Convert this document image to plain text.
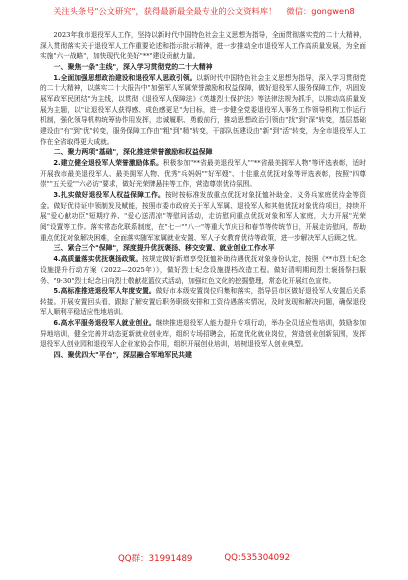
关注头条号"公文研究"，获得最新最全最专业的公文资料库！ 微信：gongwen8

2023年我市退役军人工作，坚持以新时代中国特色社会主义思想为指导，全面贯彻落实党的二十大精神，深入贯彻落实关于退役军人工作重要论述和指示批示精神，进一步推动全市退役军人工作高质量发展，为全面实施"六一战略"，加快现代化美好"**"建设贡献力量。

一、聚焦一条"主线"，深入学习贯彻党的二十大精神

1.全面加强思想政治建设和退役军人思政引领。以新时代中国特色社会主义思想为指导，深入学习贯彻党的二十大精神，以落实二十大报告中"加强军人军属荣誉激励和权益保障，做好退役军人服务保障工作，巩固发展军政军民团结"为主线，以贯彻《退役军人保障法》《英雄烈士保护法》等法律法规为抓手，以推动高质量发展为主题，以"让退役军人获得感、成色感更足"为目标，进一步健全党委退役军人事务工作领导机构工作运行机制，强化领导机构统筹协作用发挥，忠诚履职、勇毅前行，推动思想政治引领由"找"到"深"转变，基层基础建设由"有"到"优"转变，服务保障工作由"粗"到"精"转变，干部队伍建设由"新"到"活"转变，为全市退役军人工作在全省取得更大成就。

二、聚力两项"基础"，深化推进荣誉激励和权益保障

2.建立健全退役军人荣誉激励体系。积极参加"**省最美退役军人""**省最美拥军人物"等评选表彰，适时开展我市最美退役军人、最美拥军人物、优秀"兵妈妈""好军嫂"、十佳重点优抚对象等评选表彰，按照"四尊崇""五关爱""六必访"要求，做好光荣牌悬挂等工作，营造尊崇优待氛围。

3.扎实做好退役军人权益保障工作。按时按标准发放重点优抚对象抚恤补助金、义务兵家庭优待金等资金。做好优待证申领制发及赋能，按照市委市政府关于军人军属、退役军人和其他优抚对象优待项目，持续开展"爱心献功臣"短期疗养、"爱心送清凉"等慰问活动，走访慰问重点优抚对象和军人家庭，大力开展"光荣阅"设置等工作。落实常态化联系制度，在"七一""八一"等重大节庆日和春节等传统节日，开展走访慰问，帮助重点优抚对象解决困难，全面落实随军家属就业安置、军人子女教育优待等政策，进一步解决军人后顾之忧。

三、紧合三个"保障"，深度提升优抚褒扬、移交安置、就业创业工作水平

4.高质量落实优抚褒扬政策。按规定做好新增享受抚恤补助待遇优抚对象身份认定，按照《**市烈士纪念设施提升行动方案（2022—2025年）》，做好烈士纪念设施提档改造工程。做好清明期间烈士褒扬祭扫服务、"9·30"烈士纪念日向烈士敬献花篮仪式活动，加强红色文化的挖掘整理，常态化开展红色宣传。

5.高标准推进退役军人年度安置。做好市本级安置岗位归集和落实，指导县市区做好退役军人安置后关系转接。开展安置回头看，跟踪了解安置后职务职级安排和工资待遇落实情况，及时发现和解决问题，确保退役军人顺利平稳适应性地培训。

6.高水平服务退役军人就业创业。继续推进退役军人能力提升专项行动，举办全员适应性培训，鼓励参加异地培训，健全完善并动态更新就业创业库，组织专场招聘会，拓宽优化就业岗位，营造创业创新氛围，发挥退役军人创业园和退役军人企业家协会作用，组织开展创业培训，培树退役军人创业典型。

四、聚优四大"平台"，深层融合军地军民共建

QQ群：31991489	QQ:535304092
